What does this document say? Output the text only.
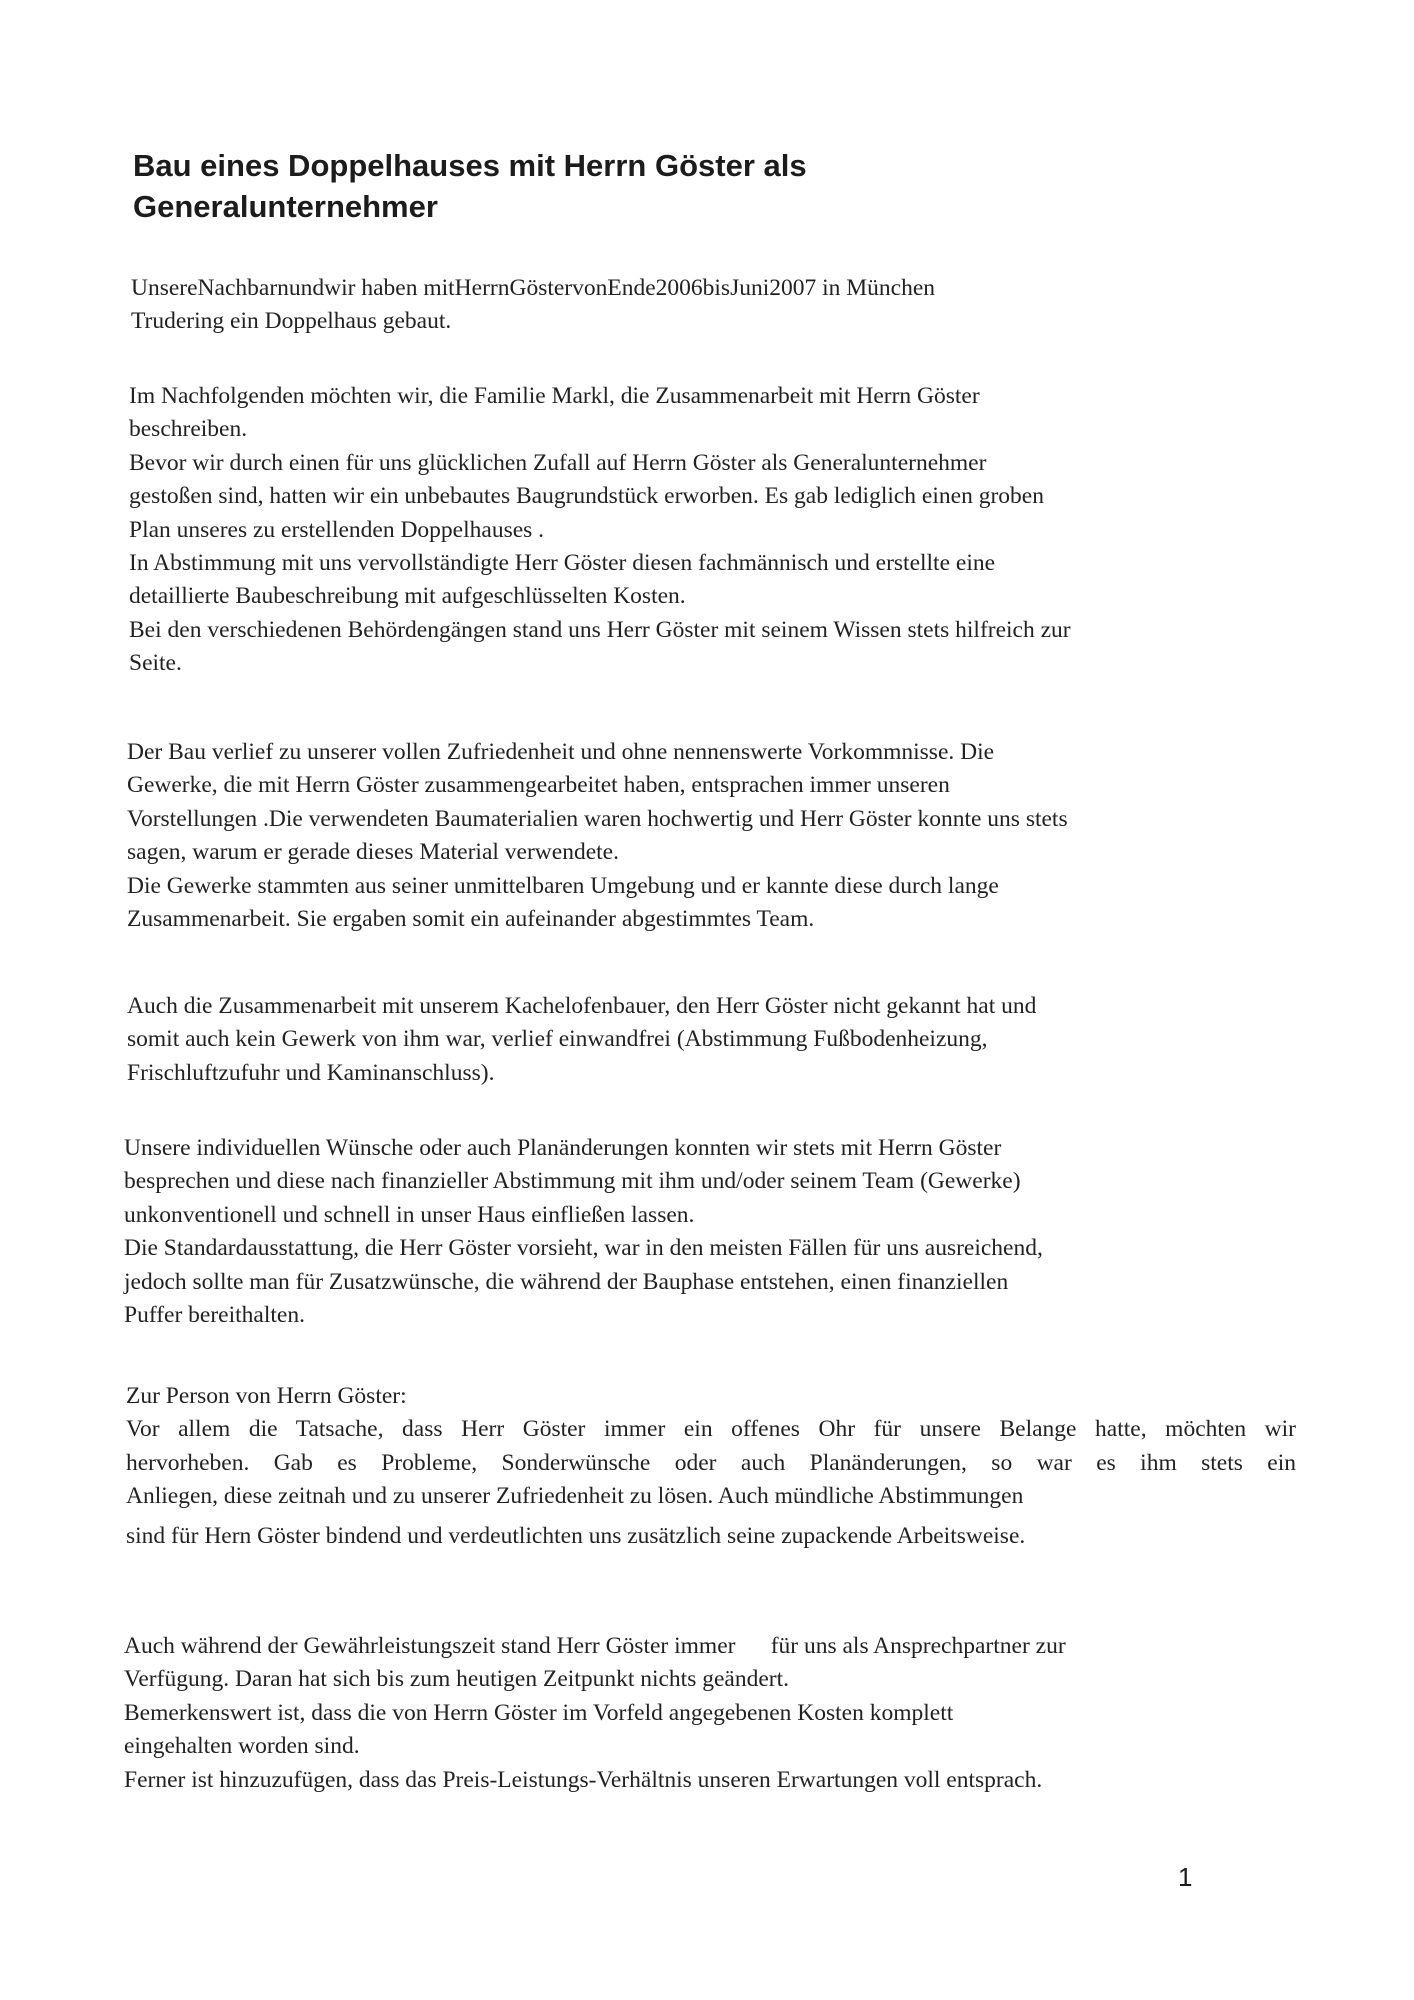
Bau eines Doppelhauses mit Herrn Göster als
Generalunternehmer
UnsereNachbarnundwir haben mitHerrnGöstervonEnde2006bisJuni2007 in München
Trudering ein Doppelhaus gebaut.
Im Nachfolgenden möchten wir, die Familie Markl, die Zusammenarbeit mit Herrn Göster
beschreiben.
Bevor wir durch einen für uns glücklichen Zufall auf Herrn Göster als Generalunternehmer
gestoßen sind, hatten wir ein unbebautes Baugrundstück erworben. Es gab lediglich einen groben
Plan unseres zu erstellenden Doppelhauses .
In Abstimmung mit uns vervollständigte Herr Göster diesen fachmännisch und erstellte eine
detaillierte Baubeschreibung mit aufgeschlüsselten Kosten.
Bei den verschiedenen Behördengängen stand uns Herr Göster mit seinem Wissen stets hilfreich zur
Seite.
Der Bau verlief zu unserer vollen Zufriedenheit und ohne nennenswerte Vorkommnisse. Die
Gewerke, die mit Herrn Göster zusammengearbeitet haben, entsprachen immer unseren
Vorstellungen .Die verwendeten Baumaterialien waren hochwertig und Herr Göster konnte uns stets
sagen, warum er gerade dieses Material verwendete.
Die Gewerke stammten aus seiner unmittelbaren Umgebung und er kannte diese durch lange
Zusammenarbeit. Sie ergaben somit ein aufeinander abgestimmtes Team.
Auch die Zusammenarbeit mit unserem Kachelofenbauer, den Herr Göster nicht gekannt hat und
somit auch kein Gewerk von ihm war, verlief einwandfrei (Abstimmung Fußbodenheizung,
Frischluftzufuhr und Kaminanschluss).
Unsere individuellen Wünsche oder auch Planänderungen konnten wir stets mit Herrn Göster
besprechen und diese nach finanzieller Abstimmung mit ihm und/oder seinem Team (Gewerke)
unkonventionell und schnell in unser Haus einfließen lassen.
Die Standardausstattung, die Herr Göster vorsieht, war in den meisten Fällen für uns ausreichend,
jedoch sollte man für Zusatzwünsche, die während der Bauphase entstehen, einen finanziellen
Puffer bereithalten.
Zur Person von Herrn Göster:
Vor allem die Tatsache, dass Herr Göster immer ein offenes Ohr für unsere Belange hatte, möchten wir
hervorheben. Gab es Probleme, Sonderwünsche oder auch Planänderungen, so war es ihm stets ein
Anliegen, diese zeitnah und zu unserer Zufriedenheit zu lösen. Auch mündliche Abstimmungen
sind für Hern Göster bindend und verdeutlichten uns zusätzlich seine zupackende Arbeitsweise.
Auch während der Gewährleistungszeit stand Herr Göster immer      für uns als Ansprechpartner zur
Verfügung. Daran hat sich bis zum heutigen Zeitpunkt nichts geändert.
Bemerkenswert ist, dass die von Herrn Göster im Vorfeld angegebenen Kosten komplett
eingehalten worden sind.
Ferner ist hinzuzufügen, dass das Preis-Leistungs-Verhältnis unseren Erwartungen voll entsprach.
1
